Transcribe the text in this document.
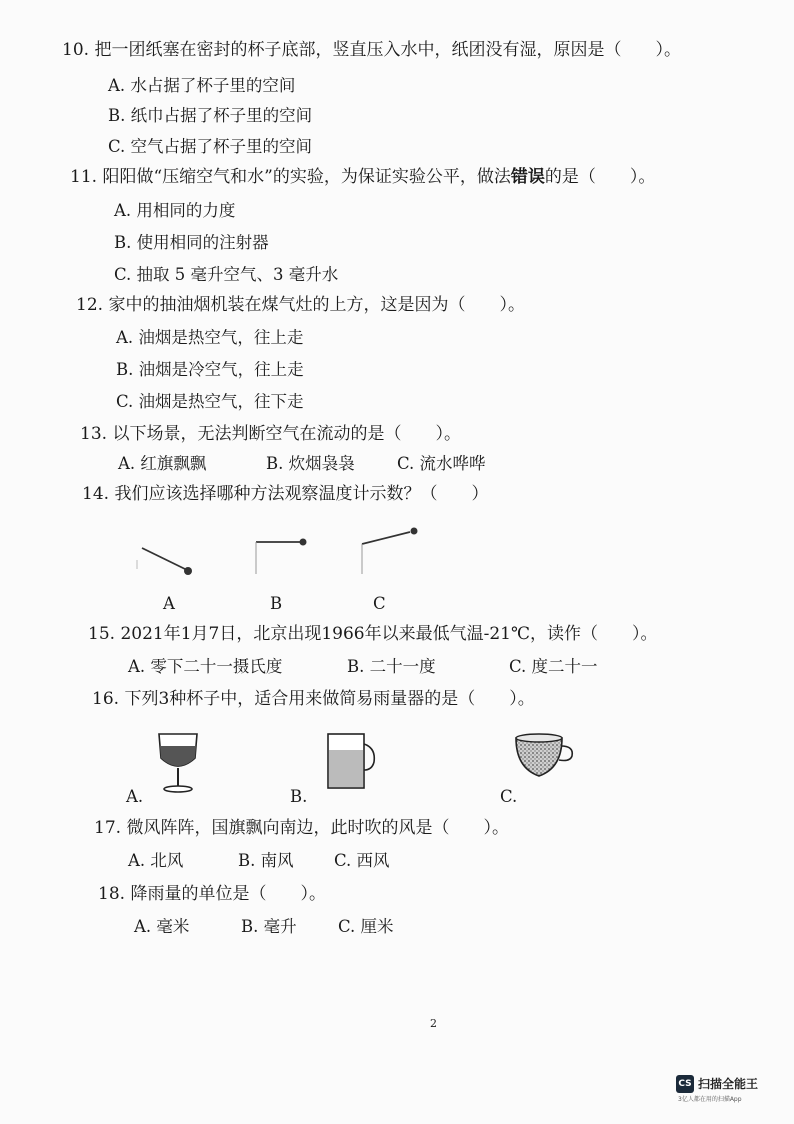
10. 把一团纸塞在密封的杯子底部，竖直压入水中，纸团没有湿，原因是（　　）。
A. 水占据了杯子里的空间
B. 纸巾占据了杯子里的空间
C. 空气占据了杯子里的空间
11. 阳阳做“压缩空气和水”的实验，为保证实验公平，做法错误的是（　　）。
A. 用相同的力度
B. 使用相同的注射器
C. 抽取 5 毫升空气、3 毫升水
12. 家中的抽油烟机装在煤气灶的上方，这是因为（　　）。
A. 油烟是热空气，往上走
B. 油烟是冷空气，往上走
C. 油烟是热空气，往下走
13. 以下场景，无法判断空气在流动的是（　　）。
A. 红旗飘飘	B. 炊烟袅袅	C. 流水哗哗
14. 我们应该选择哪种方法观察温度计示数？（　　）
A	B	C
15. 2021年1月7日，北京出现1966年以来最低气温-21℃，读作（　　）。
A. 零下二十一摄氏度	B. 二十一度	C. 度二十一
16. 下列3种杯子中，适合用来做简易雨量器的是（　　）。
A.	B.	C.
17. 微风阵阵，国旗飘向南边，此时吹的风是（　　）。
A. 北风	B. 南风 C. 西风
18. 降雨量的单位是（　　）。
A. 毫米	B. 毫升	C. 厘米
2
CS 扫描全能王
3亿人都在用的扫描App
